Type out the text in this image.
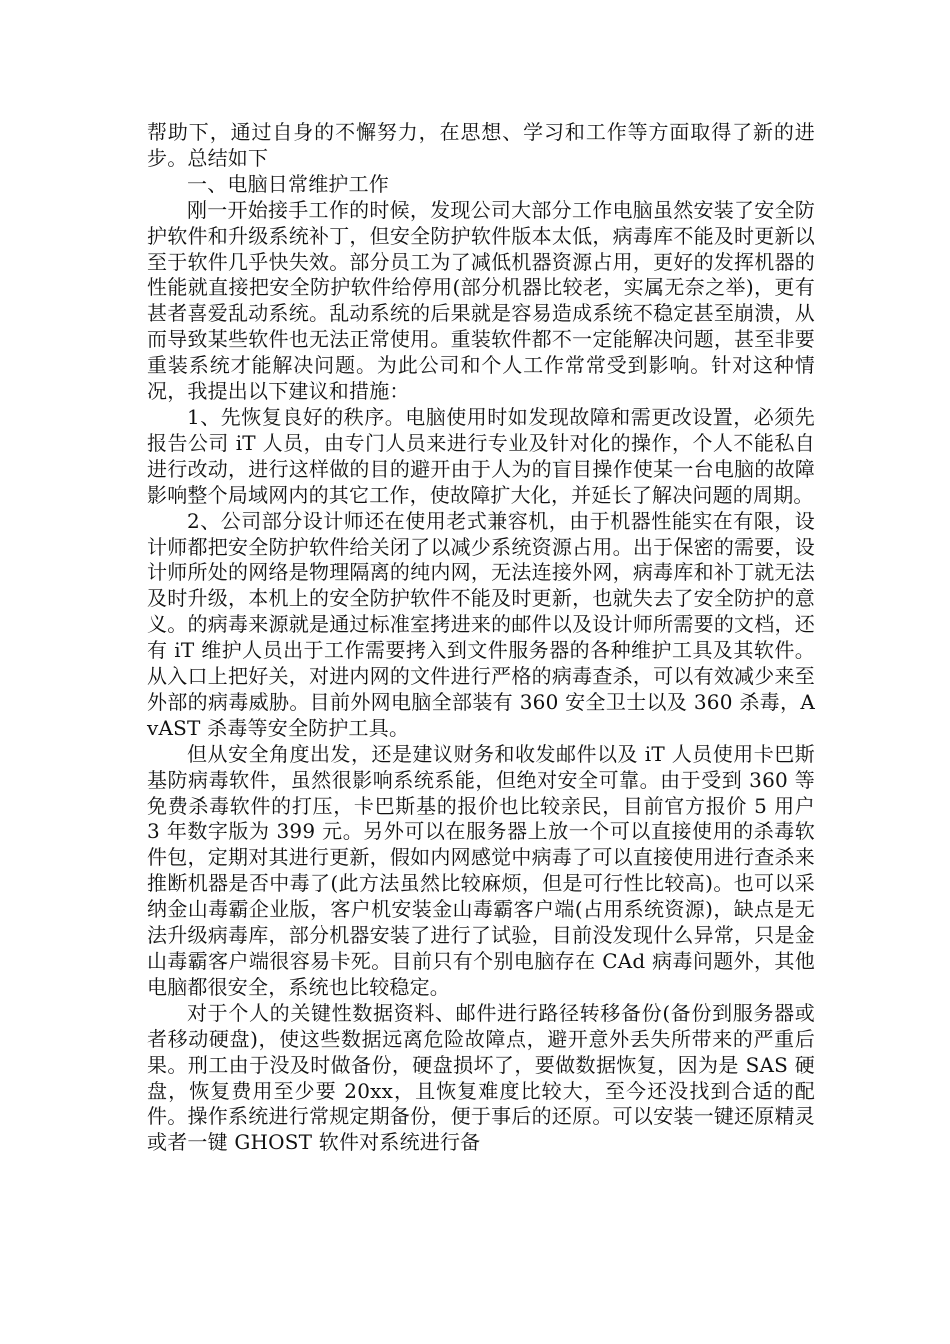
帮助下，通过自身的不懈努力，在思想、学习和工作等方面取得了新的进步。总结如下

一、电脑日常维护工作

刚一开始接手工作的时候，发现公司大部分工作电脑虽然安装了安全防护软件和升级系统补丁，但安全防护软件版本太低，病毒库不能及时更新以至于软件几乎快失效。部分员工为了减低机器资源占用，更好的发挥机器的性能就直接把安全防护软件给停用(部分机器比较老，实属无奈之举)，更有甚者喜爱乱动系统。乱动系统的后果就是容易造成系统不稳定甚至崩溃，从而导致某些软件也无法正常使用。重装软件都不一定能解决问题，甚至非要重装系统才能解决问题。为此公司和个人工作常常受到影响。针对这种情况，我提出以下建议和措施：

1、先恢复良好的秩序。电脑使用时如发现故障和需更改设置，必须先报告公司 iT 人员，由专门人员来进行专业及针对化的操作，个人不能私自进行改动，进行这样做的目的避开由于人为的盲目操作使某一台电脑的故障影响整个局域网内的其它工作，使故障扩大化，并延长了解决问题的周期。

2、公司部分设计师还在使用老式兼容机，由于机器性能实在有限，设计师都把安全防护软件给关闭了以减少系统资源占用。出于保密的需要，设计师所处的网络是物理隔离的纯内网，无法连接外网，病毒库和补丁就无法及时升级，本机上的安全防护软件不能及时更新，也就失去了安全防护的意义。的病毒来源就是通过标准室拷进来的邮件以及设计师所需要的文档，还有 iT 维护人员出于工作需要拷入到文件服务器的各种维护工具及其软件。从入口上把好关，对进内网的文件进行严格的病毒查杀，可以有效减少来至外部的病毒威胁。目前外网电脑全部装有 360 安全卫士以及 360 杀毒，AvAST 杀毒等安全防护工具。

但从安全角度出发，还是建议财务和收发邮件以及 iT 人员使用卡巴斯基防病毒软件，虽然很影响系统系能，但绝对安全可靠。由于受到 360 等免费杀毒软件的打压，卡巴斯基的报价也比较亲民，目前官方报价 5 用户 3 年数字版为 399 元。另外可以在服务器上放一个可以直接使用的杀毒软件包，定期对其进行更新，假如内网感觉中病毒了可以直接使用进行查杀来推断机器是否中毒了(此方法虽然比较麻烦，但是可行性比较高)。也可以采纳金山毒霸企业版，客户机安装金山毒霸客户端(占用系统资源)，缺点是无法升级病毒库，部分机器安装了进行了试验，目前没发现什么异常，只是金山毒霸客户端很容易卡死。目前只有个别电脑存在 CAd 病毒问题外，其他电脑都很安全，系统也比较稳定。

对于个人的关键性数据资料、邮件进行路径转移备份(备份到服务器或者移动硬盘)，使这些数据远离危险故障点，避开意外丢失所带来的严重后果。刑工由于没及时做备份，硬盘损坏了，要做数据恢复，因为是 SAS 硬盘，恢复费用至少要 20xx，且恢复难度比较大，至今还没找到合适的配件。操作系统进行常规定期备份，便于事后的还原。可以安装一键还原精灵或者一键 GHOST 软件对系统进行备
